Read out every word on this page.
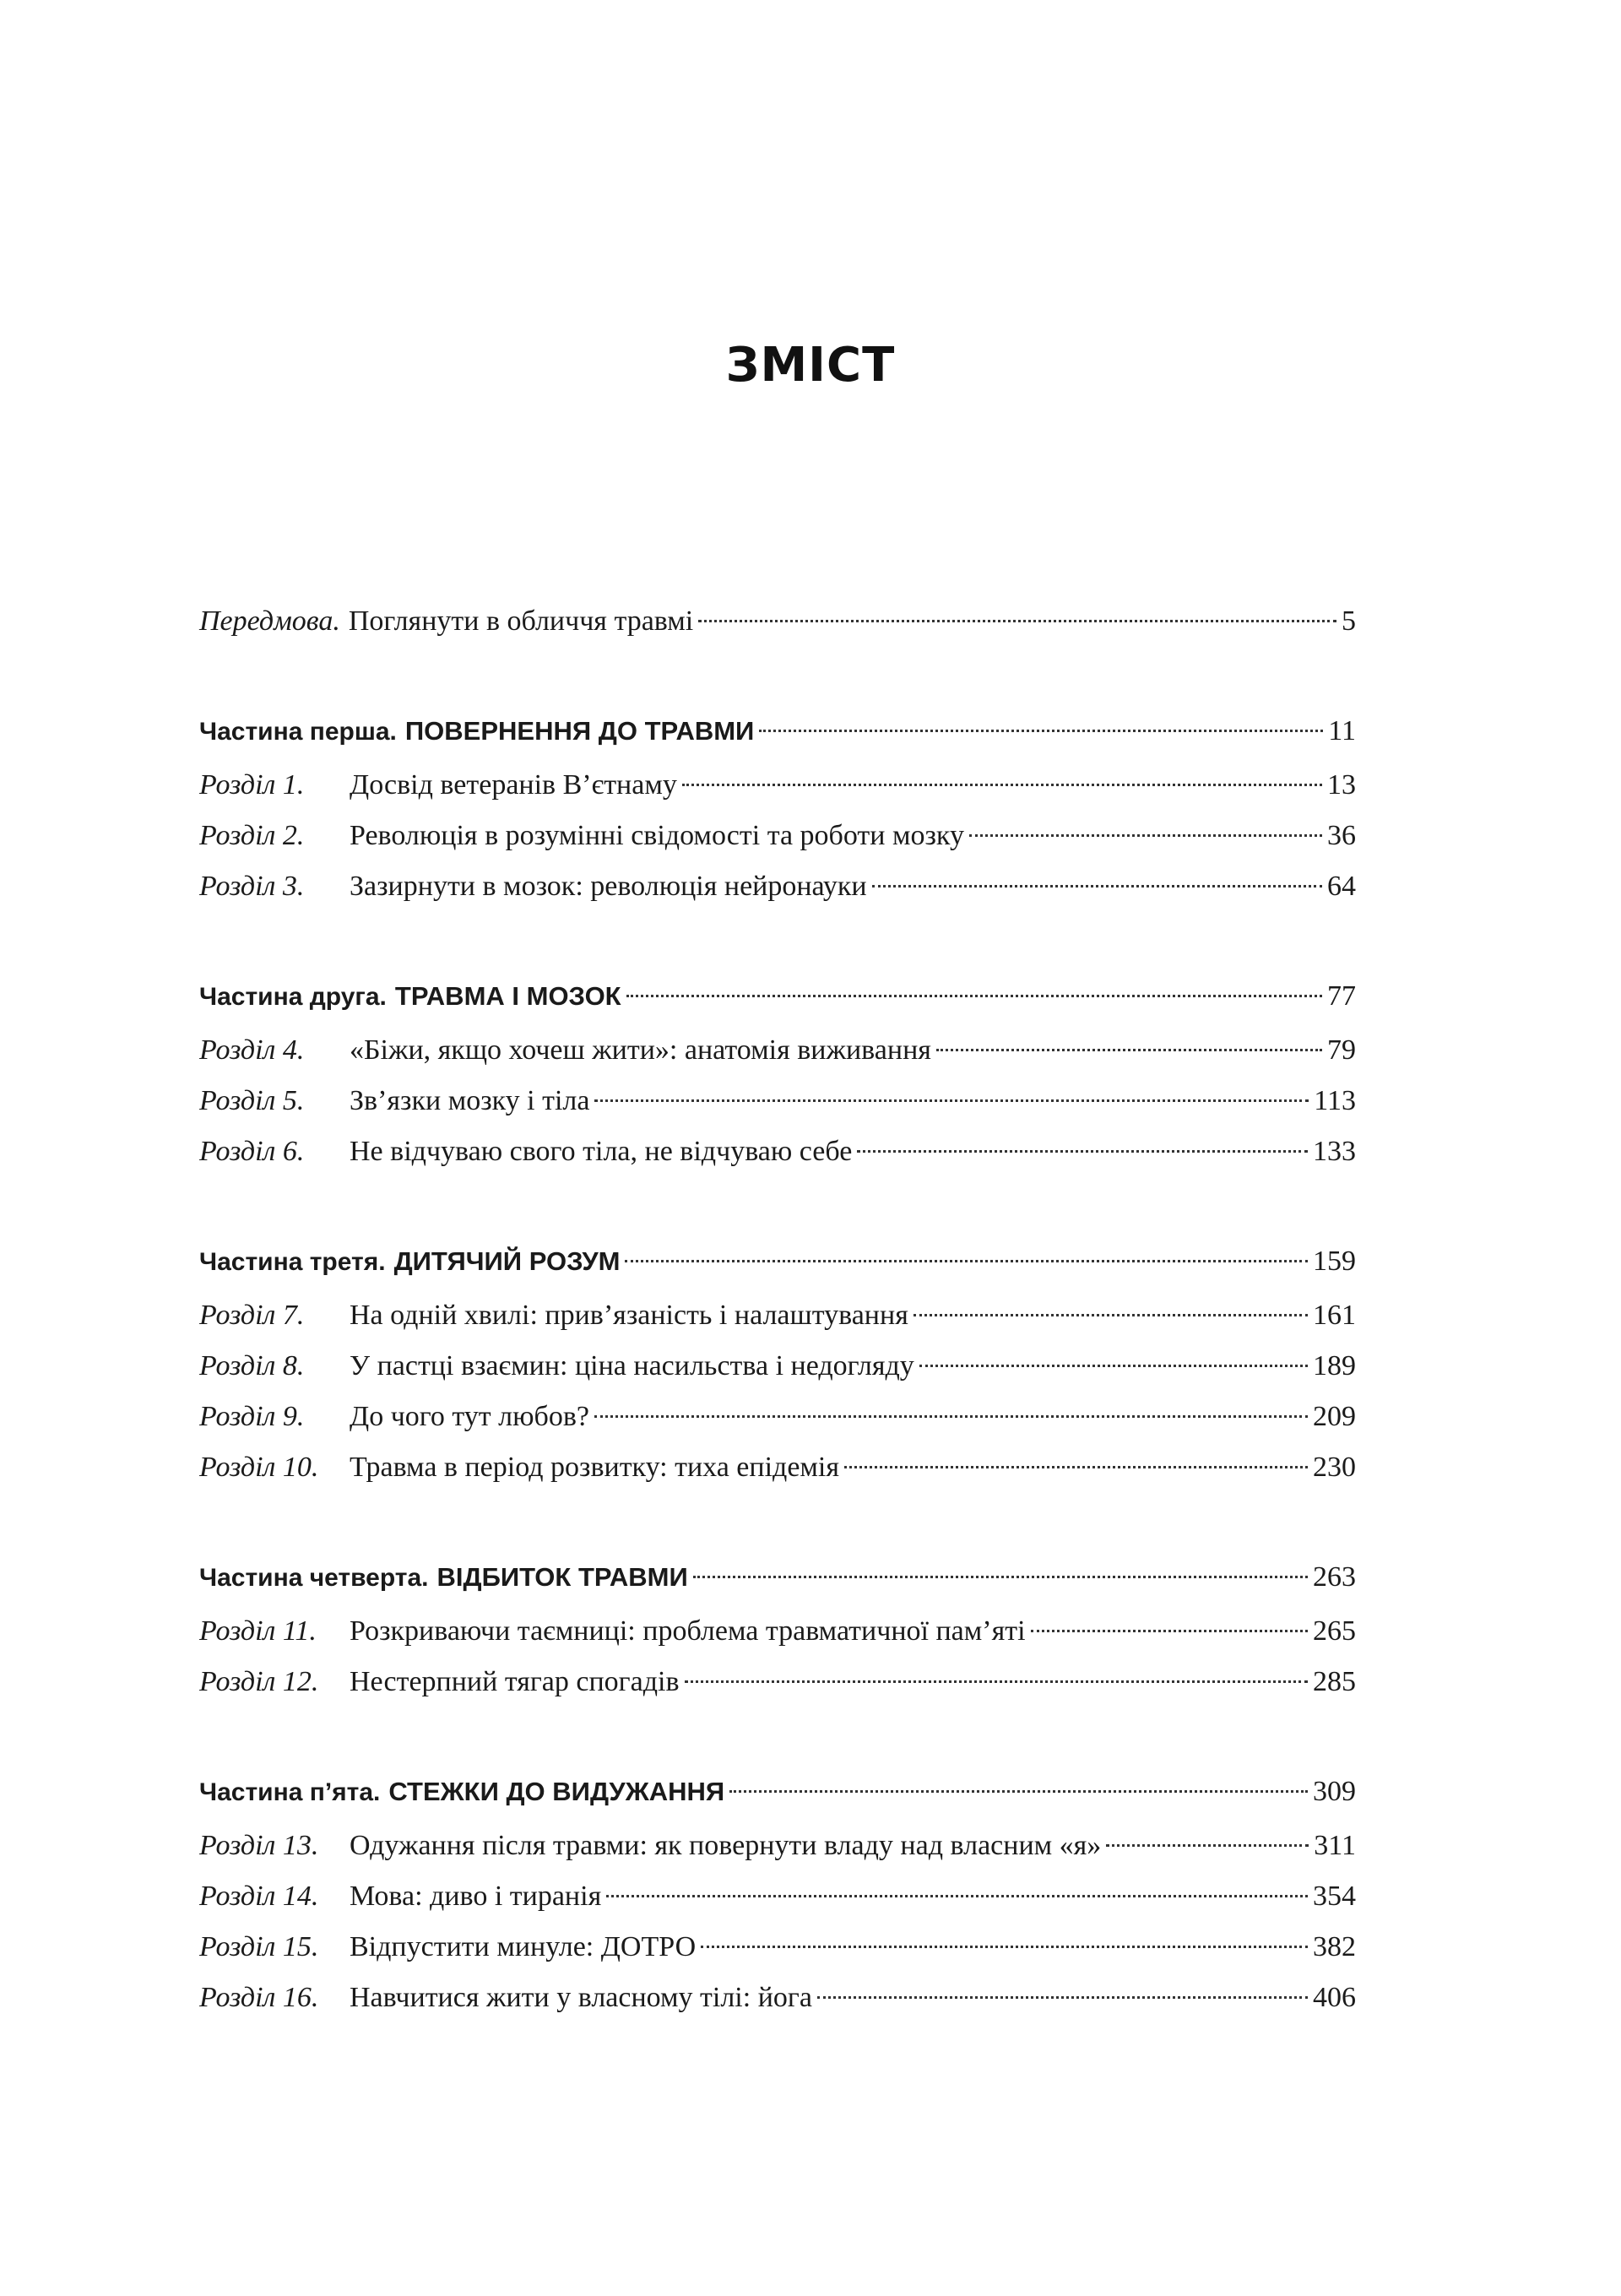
ЗМІСТ
Передмова. Поглянути в обличчя травмі	5
Частина перша. ПОВЕРНЕННЯ ДО ТРАВМИ	11
Розділ 1.	Досвід ветеранів В’єтнаму	13
Розділ 2.	Революція в розумінні свідомості та роботи мозку	36
Розділ 3.	Зазирнути в мозок: революція нейронауки	64
Частина друга. ТРАВМА І МОЗОК	77
Розділ 4.	«Біжи, якщо хочеш жити»: анатомія виживання	79
Розділ 5.	Зв’язки мозку і тіла	113
Розділ 6.	Не відчуваю свого тіла, не відчуваю себе	133
Частина третя. ДИТЯЧИЙ РОЗУМ	159
Розділ 7.	На одній хвилі: прив’язаність і налаштування	161
Розділ 8.	У пастці взаємин: ціна насильства і недогляду	189
Розділ 9.	До чого тут любов?	209
Розділ 10.	Травма в період розвитку: тиха епідемія	230
Частина четверта. ВІДБИТОК ТРАВМИ	263
Розділ 11.	Розкриваючи таємниці: проблема травматичної пам’яті	265
Розділ 12.	Нестерпний тягар спогадів	285
Частина п’ята. СТЕЖКИ ДО ВИДУЖАННЯ	309
Розділ 13.	Одужання після травми: як повернути владу над власним «я»	311
Розділ 14.	Мова: диво і тиранія	354
Розділ 15.	Відпустити минуле: ДОТРО	382
Розділ 16.	Навчитися жити у власному тілі: йога	406
